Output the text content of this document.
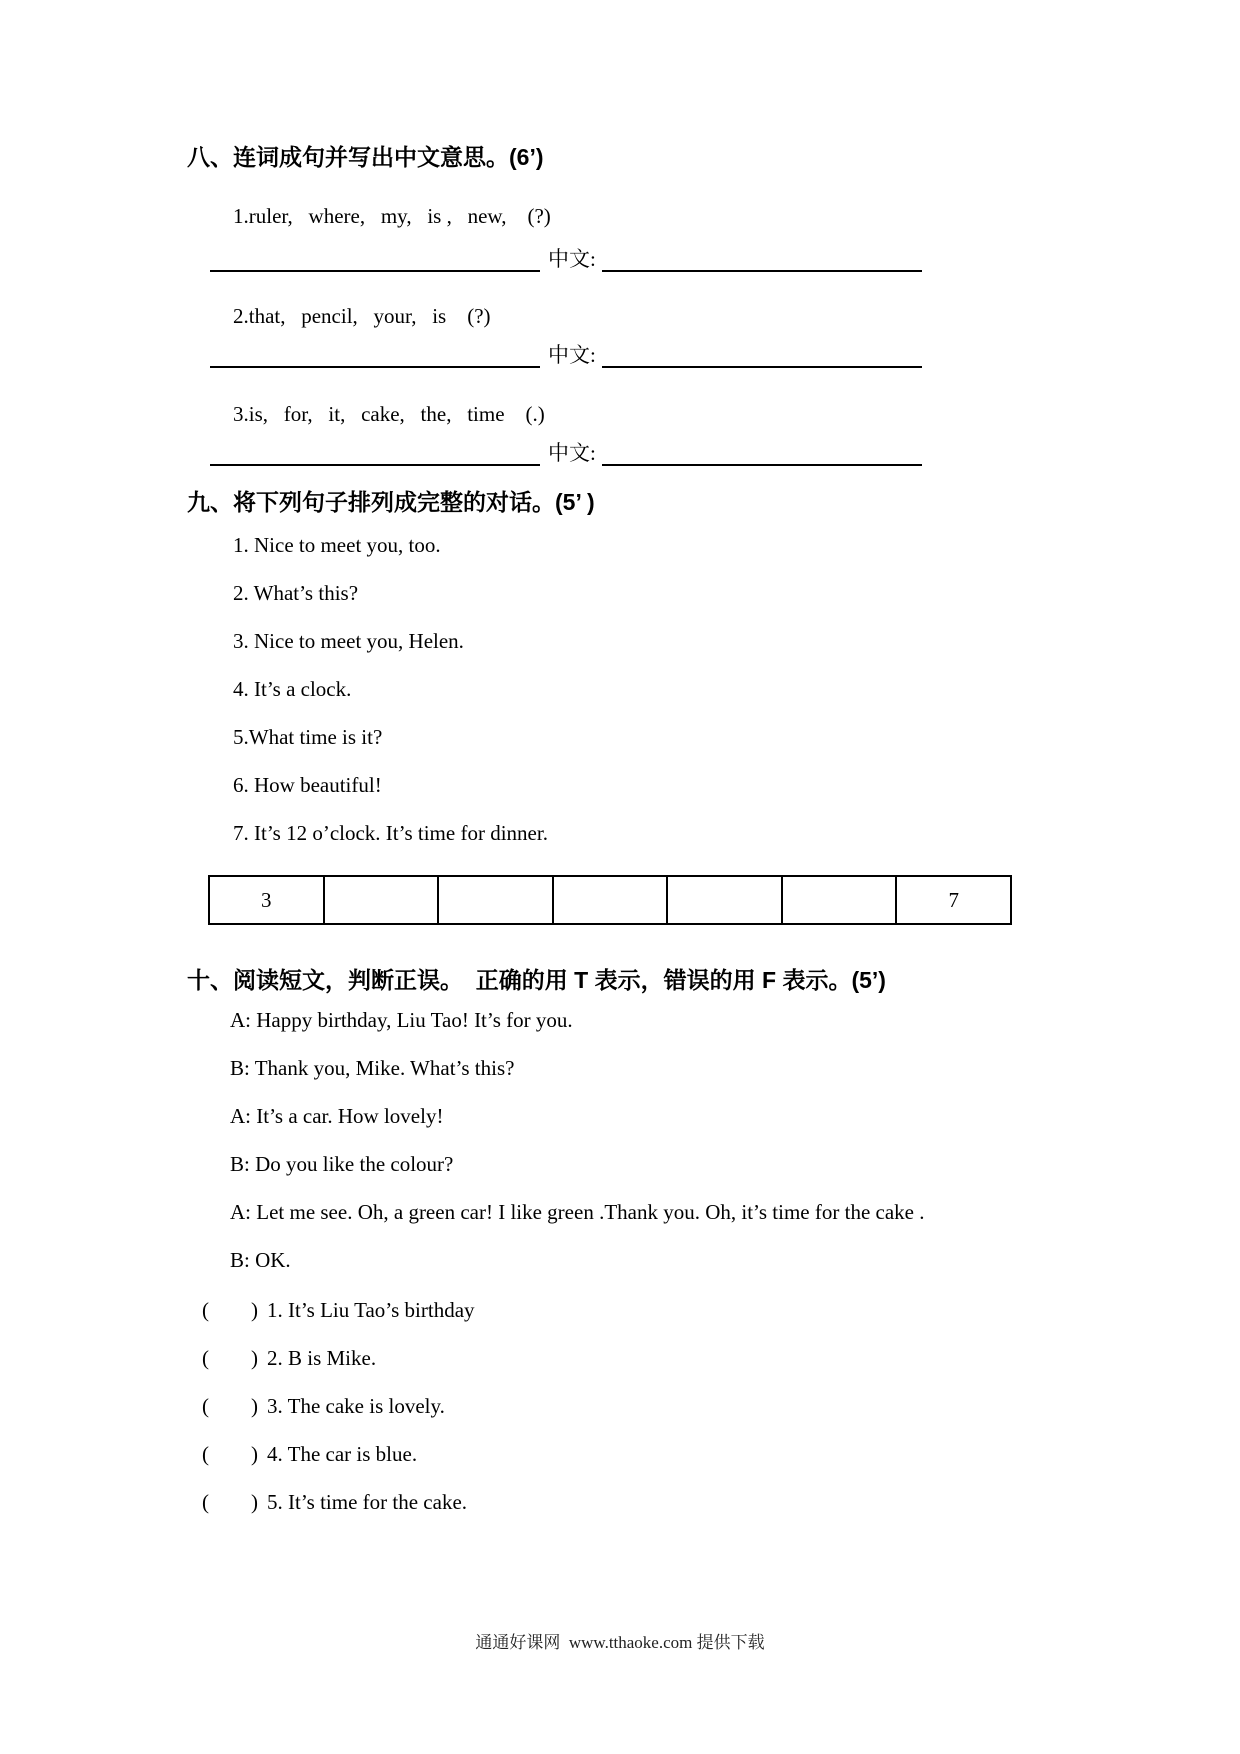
八、连词成句并写出中文意思。(6’)
1.ruler,   where,   my,   is ,   new,    (?)
中文:
2.that,   pencil,   your,   is    (?)
中文:
3.is,   for,   it,   cake,   the,   time    (.)
中文:
九、将下列句子排列成完整的对话。(5’ )
1. Nice to meet you, too.
2. What’s this?
3. Nice to meet you, Helen.
4. It’s a clock.
5.What time is it?
6. How beautiful!
7. It’s 12 o’clock. It’s time for dinner.
3	7
十、阅读短文，判断正误。  正确的用 T 表示，错误的用 F 表示。(5’)
A: Happy birthday, Liu Tao! It’s for you.
B: Thank you, Mike. What’s this?
A: It’s a car. How lovely!
B: Do you like the colour?
A: Let me see. Oh, a green car! I like green .Thank you. Oh, it’s time for the cake .
B: OK.
( ) 1. It’s Liu Tao’s birthday
( ) 2. B is Mike.
( ) 3. The cake is lovely.
( ) 4. The car is blue.
( ) 5. It’s time for the cake.
通通好课网  www.tthaoke.com 提供下载
